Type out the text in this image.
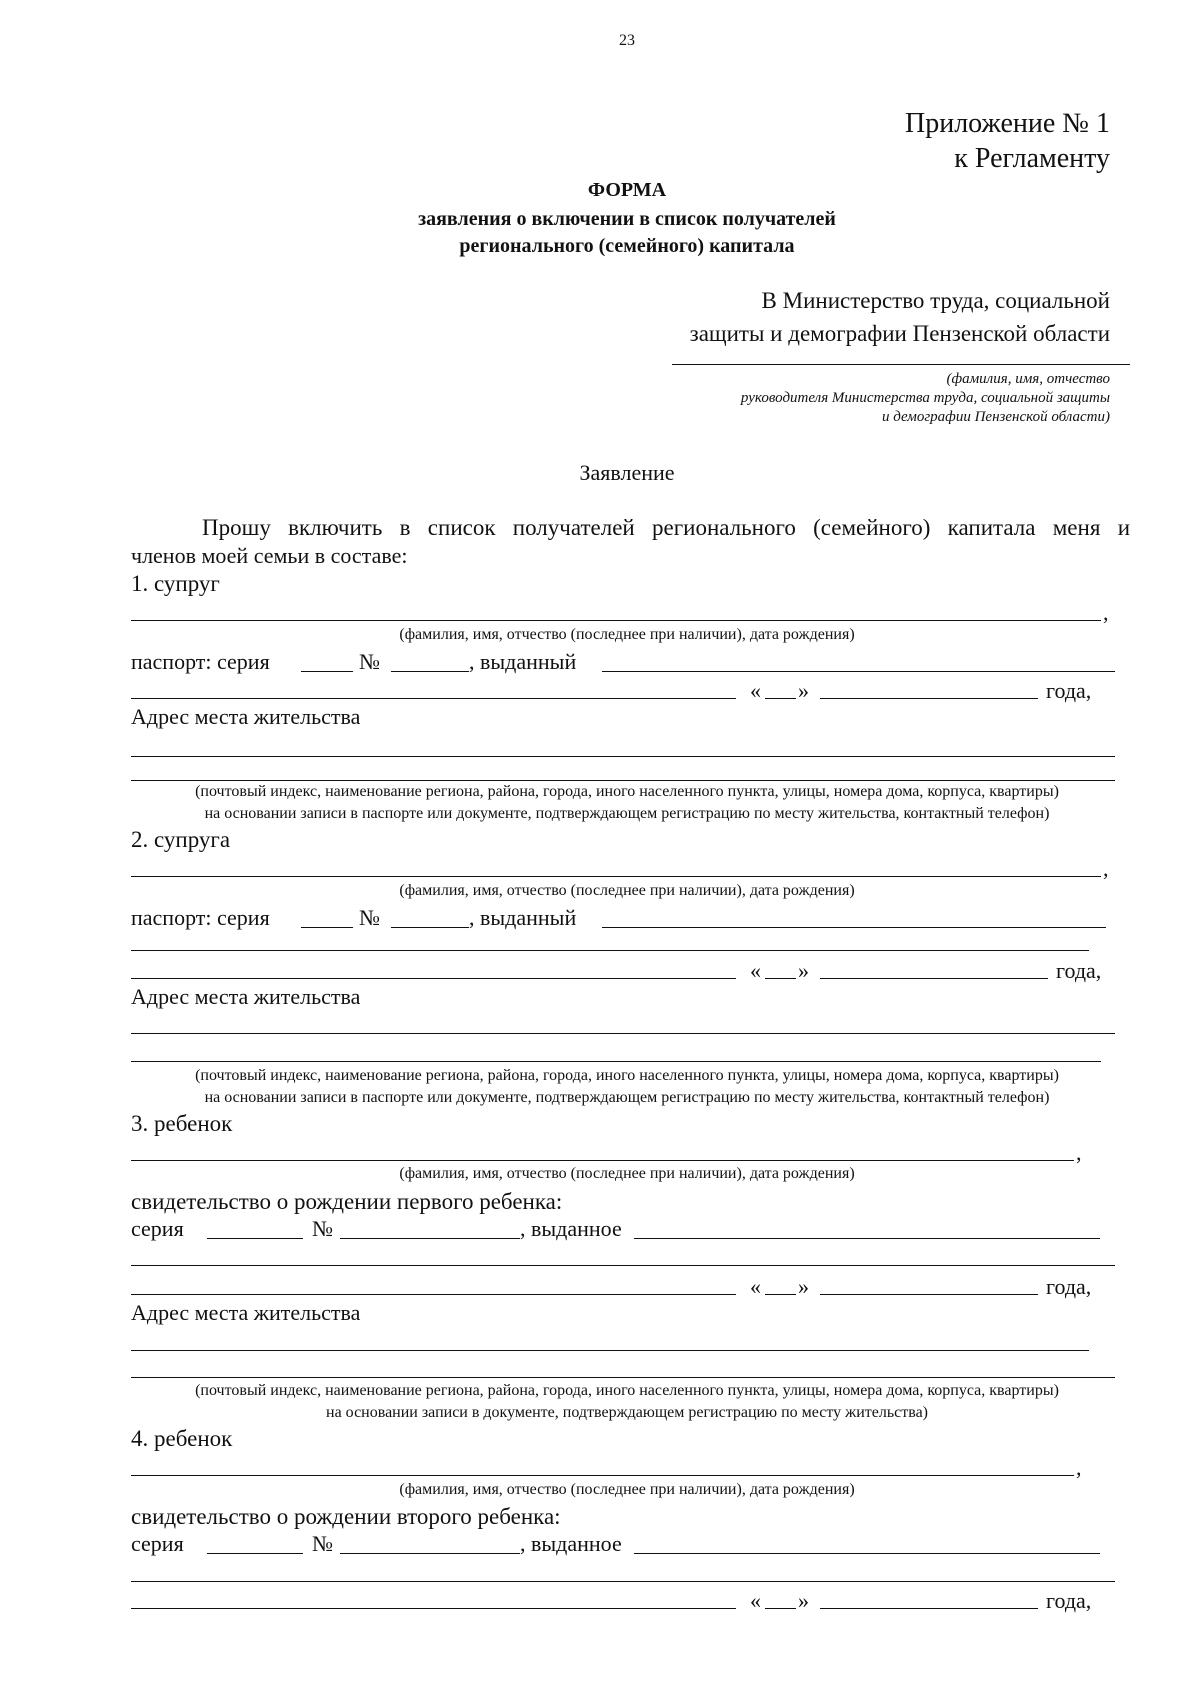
23
Приложение № 1
к Регламенту
ФОРМА
заявления о включении в список получателей
регионального (семейного) капитала
В Министерство труда, социальной
защиты и демографии Пензенской области
(фамилия, имя, отчество
руководителя Министерства труда, социальной защиты
и демографии Пензенской области)
Заявление
Прошу включить в список получателей регионального (семейного) капитала меня и
членов моей семьи в составе:
1. супруг
,
(фамилия, имя, отчество (последнее при наличии), дата рождения)
паспорт: серия	№	, выданный
« »	года,
Адрес места жительства
(почтовый индекс, наименование региона, района, города, иного населенного пункта, улицы, номера дома, корпуса, квартиры)
на основании записи в паспорте или документе, подтверждающем регистрацию по месту жительства, контактный телефон)
2. супруга
,
(фамилия, имя, отчество (последнее при наличии), дата рождения)
паспорт: серия	№	, выданный
« »	года,
Адрес места жительства
(почтовый индекс, наименование региона, района, города, иного населенного пункта, улицы, номера дома, корпуса, квартиры)
на основании записи в паспорте или документе, подтверждающем регистрацию по месту жительства, контактный телефон)
3. ребенок
,
(фамилия, имя, отчество (последнее при наличии), дата рождения)
свидетельство о рождении первого ребенка:
серия	№	, выданное
« »	года,
Адрес места жительства
(почтовый индекс, наименование региона, района, города, иного населенного пункта, улицы, номера дома, корпуса, квартиры)
на основании записи в документе, подтверждающем регистрацию по месту жительства)
4. ребенок
,
(фамилия, имя, отчество (последнее при наличии), дата рождения)
свидетельство о рождении второго ребенка:
серия	№	, выданное
« »	года,
